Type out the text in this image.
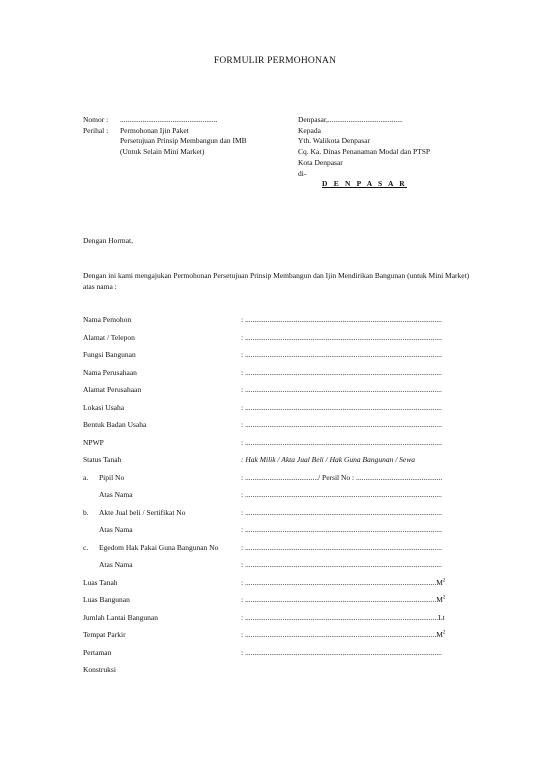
FORMULIR PERMOHONAN
Nomor :	....................................................
Perihal :	Permohonan Ijin Paket
Persetujuan Prinsip Membangun dan IMB
(Untuk Selain Mini Market)
Denpasar,........................................
Kepada
Yth. Walikota Denpasar
Cq. Ka. Dinas Penanaman Modal dan PTSP
Kota Denpasar
di-
D E N P A S A R
Dengan Hormat,
Dengan ini kami mengajukan Permohonan Persetujuan Prinsip Membangun dan Ijin Mendirikan Bangunan (untuk Mini Market) atas nama :
Nama Pemohon	: .........................................................................................................
Alamat / Telepon	: .........................................................................................................
Fungsi Bangunan	: .........................................................................................................
Nama Perusahaan	: .........................................................................................................
Alamat Perusahaan	: .........................................................................................................
Lokasi Usaha	: .........................................................................................................
Bentuk Badan Usaha	: .........................................................................................................
NPWP	: .........................................................................................................
Status Tanah	: Hak Milik / Akta Jual Beli / Hak Guna Bangunan / Sewa
a.	Pipil No	: ......................................./ Persil No : ..............................................
Atas Nama	: .........................................................................................................
b.	Akte Jual beli / Sertifikat No	: .........................................................................................................
Atas Nama	: .........................................................................................................
c.	Egedom Hak Pakai Guna Bangunan No	: .........................................................................................................
Atas Nama	: .........................................................................................................
Luas Tanah	: $......................................................................................................M^2$
Luas Bangunan	: $......................................................................................................M^2$
Jumlah Lantai Bangunan	: .......................................................................................................Lt
Tempat Parkir	: $......................................................................................................M^2$
Pertaman	: .........................................................................................................
Konstruksi
